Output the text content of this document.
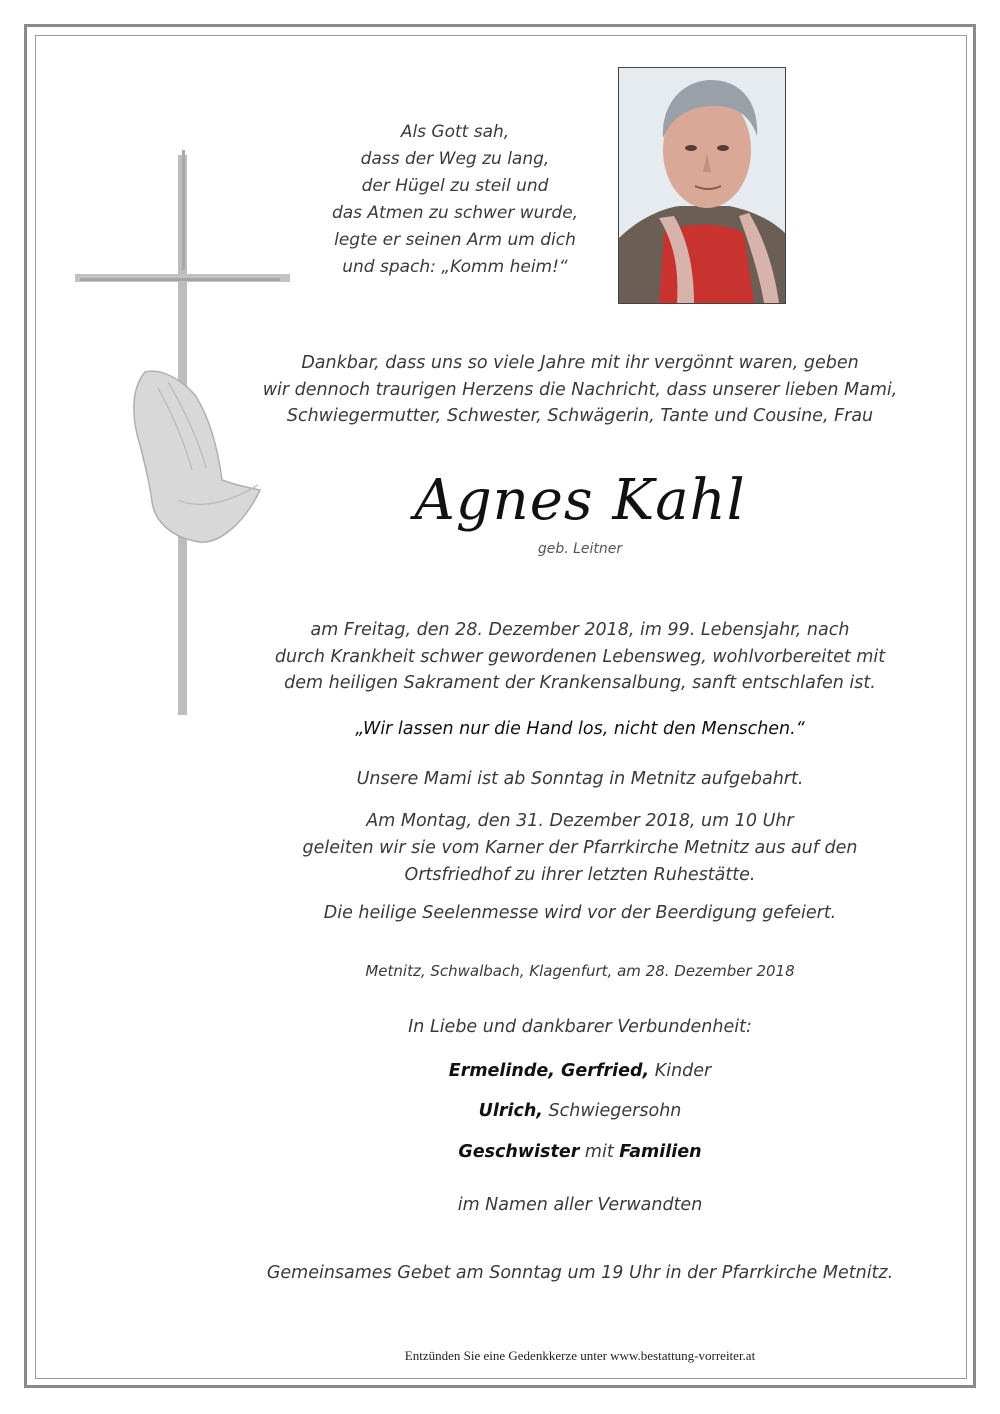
Als Gott sah,
dass der Weg zu lang,
der Hügel zu steil und
das Atmen zu schwer wurde,
legte er seinen Arm um dich
und spach: „Komm heim!“
Dankbar, dass uns so viele Jahre mit ihr vergönnt waren, geben
wir dennoch traurigen Herzens die Nachricht, dass unserer lieben Mami,
Schwiegermutter, Schwester, Schwägerin, Tante und Cousine, Frau
Agnes Kahl
geb. Leitner
am Freitag, den 28. Dezember 2018, im 99. Lebensjahr, nach
durch Krankheit schwer gewordenen Lebensweg, wohlvorbereitet mit
dem heiligen Sakrament der Krankensalbung, sanft entschlafen ist.
„Wir lassen nur die Hand los, nicht den Menschen.“
Unsere Mami ist ab Sonntag in Metnitz aufgebahrt.
Am Montag, den 31. Dezember 2018, um 10 Uhr
geleiten wir sie vom Karner der Pfarrkirche Metnitz aus auf den
Ortsfriedhof zu ihrer letzten Ruhestätte.
Die heilige Seelenmesse wird vor der Beerdigung gefeiert.
Metnitz, Schwalbach, Klagenfurt, am 28. Dezember 2018
In Liebe und dankbarer Verbundenheit:
Ermelinde, Gerfried, Kinder
Ulrich, Schwiegersohn
Geschwister mit Familien
im Namen aller Verwandten
Gemeinsames Gebet am Sonntag um 19 Uhr in der Pfarrkirche Metnitz.
Entzünden Sie eine Gedenkkerze unter www.bestattung-vorreiter.at
